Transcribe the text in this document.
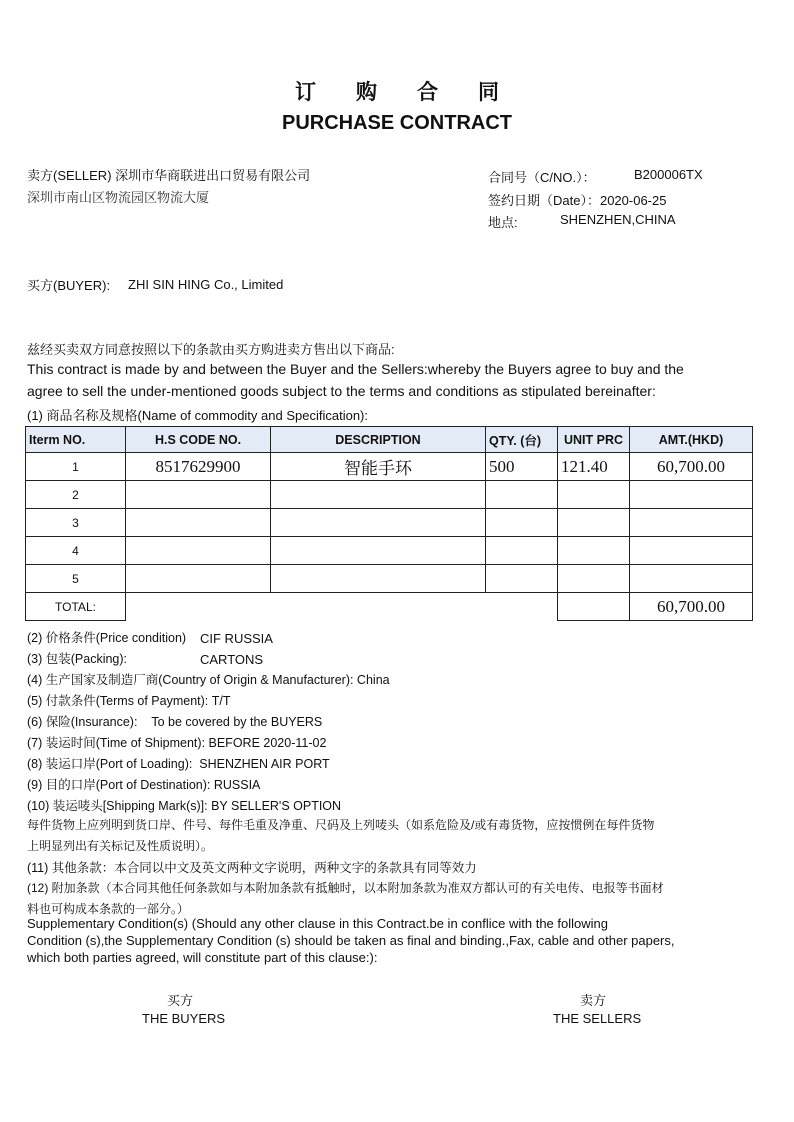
订购合同
PURCHASE CONTRACT
卖方(SELLER) 深圳市华商联进出口贸易有限公司
深圳市南山区物流园区物流大厦
合同号（C/NO.）：	B200006TX
签约日期（Date）：2020-06-25
地点:	SHENZHEN,CHINA
买方(BUYER): ZHI SIN HING Co., Limited
兹经买卖双方同意按照以下的条款由买方购进卖方售出以下商品:
This contract is made by and between the Buyer and the Sellers:whereby the Buyers agree to buy and the
agree to sell the under-mentioned goods subject to the terms and conditions as stipulated bereinafter:
(1) 商品名称及规格(Name of commodity and Specification):
Iterm NO.	H.S CODE NO.	DESCRIPTION	QTY. (台)	UNIT PRC	AMT.(HKD)
1	8517629900	智能手环	500	121.40	60,700.00
2					
3					
4					
5					
TOTAL:					60,700.00
(2) 价格条件(Price condition) CIF RUSSIA
(3) 包装(Packing):	CARTONS
(4) 生产国家及制造厂商(Country of Origin & Manufacturer): China
(5) 付款条件(Terms of Payment): T/T
(6) 保险(Insurance):    To be covered by the BUYERS
(7) 装运时间(Time of Shipment): BEFORE 2020-11-02
(8) 装运口岸(Port of Loading):  SHENZHEN AIR PORT
(9) 目的口岸(Port of Destination): RUSSIA
(10) 装运唛头[Shipping Mark(s)]: BY SELLER'S OPTION
每件货物上应列明到货口岸、件号、每件毛重及净重、尺码及上列唛头（如系危险及/或有毒货物，应按惯例在每件货物
上明显列出有关标记及性质说明）。
(11) 其他条款：本合同以中文及英文两种文字说明，两种文字的条款具有同等效力
(12) 附加条款（本合同其他任何条款如与本附加条款有抵触时，以本附加条款为准双方都认可的有关电传、电报等书面材
料也可构成本条款的一部分。）
Supplementary Condition(s) (Should any other clause in this Contract.be in conflice with the following
Condition (s),the Supplementary Condition (s) should be taken as final and binding.,Fax, cable and other papers,
which both parties agreed, will constitute part of this clause:):
买方
THE BUYERS
卖方
THE SELLERS
